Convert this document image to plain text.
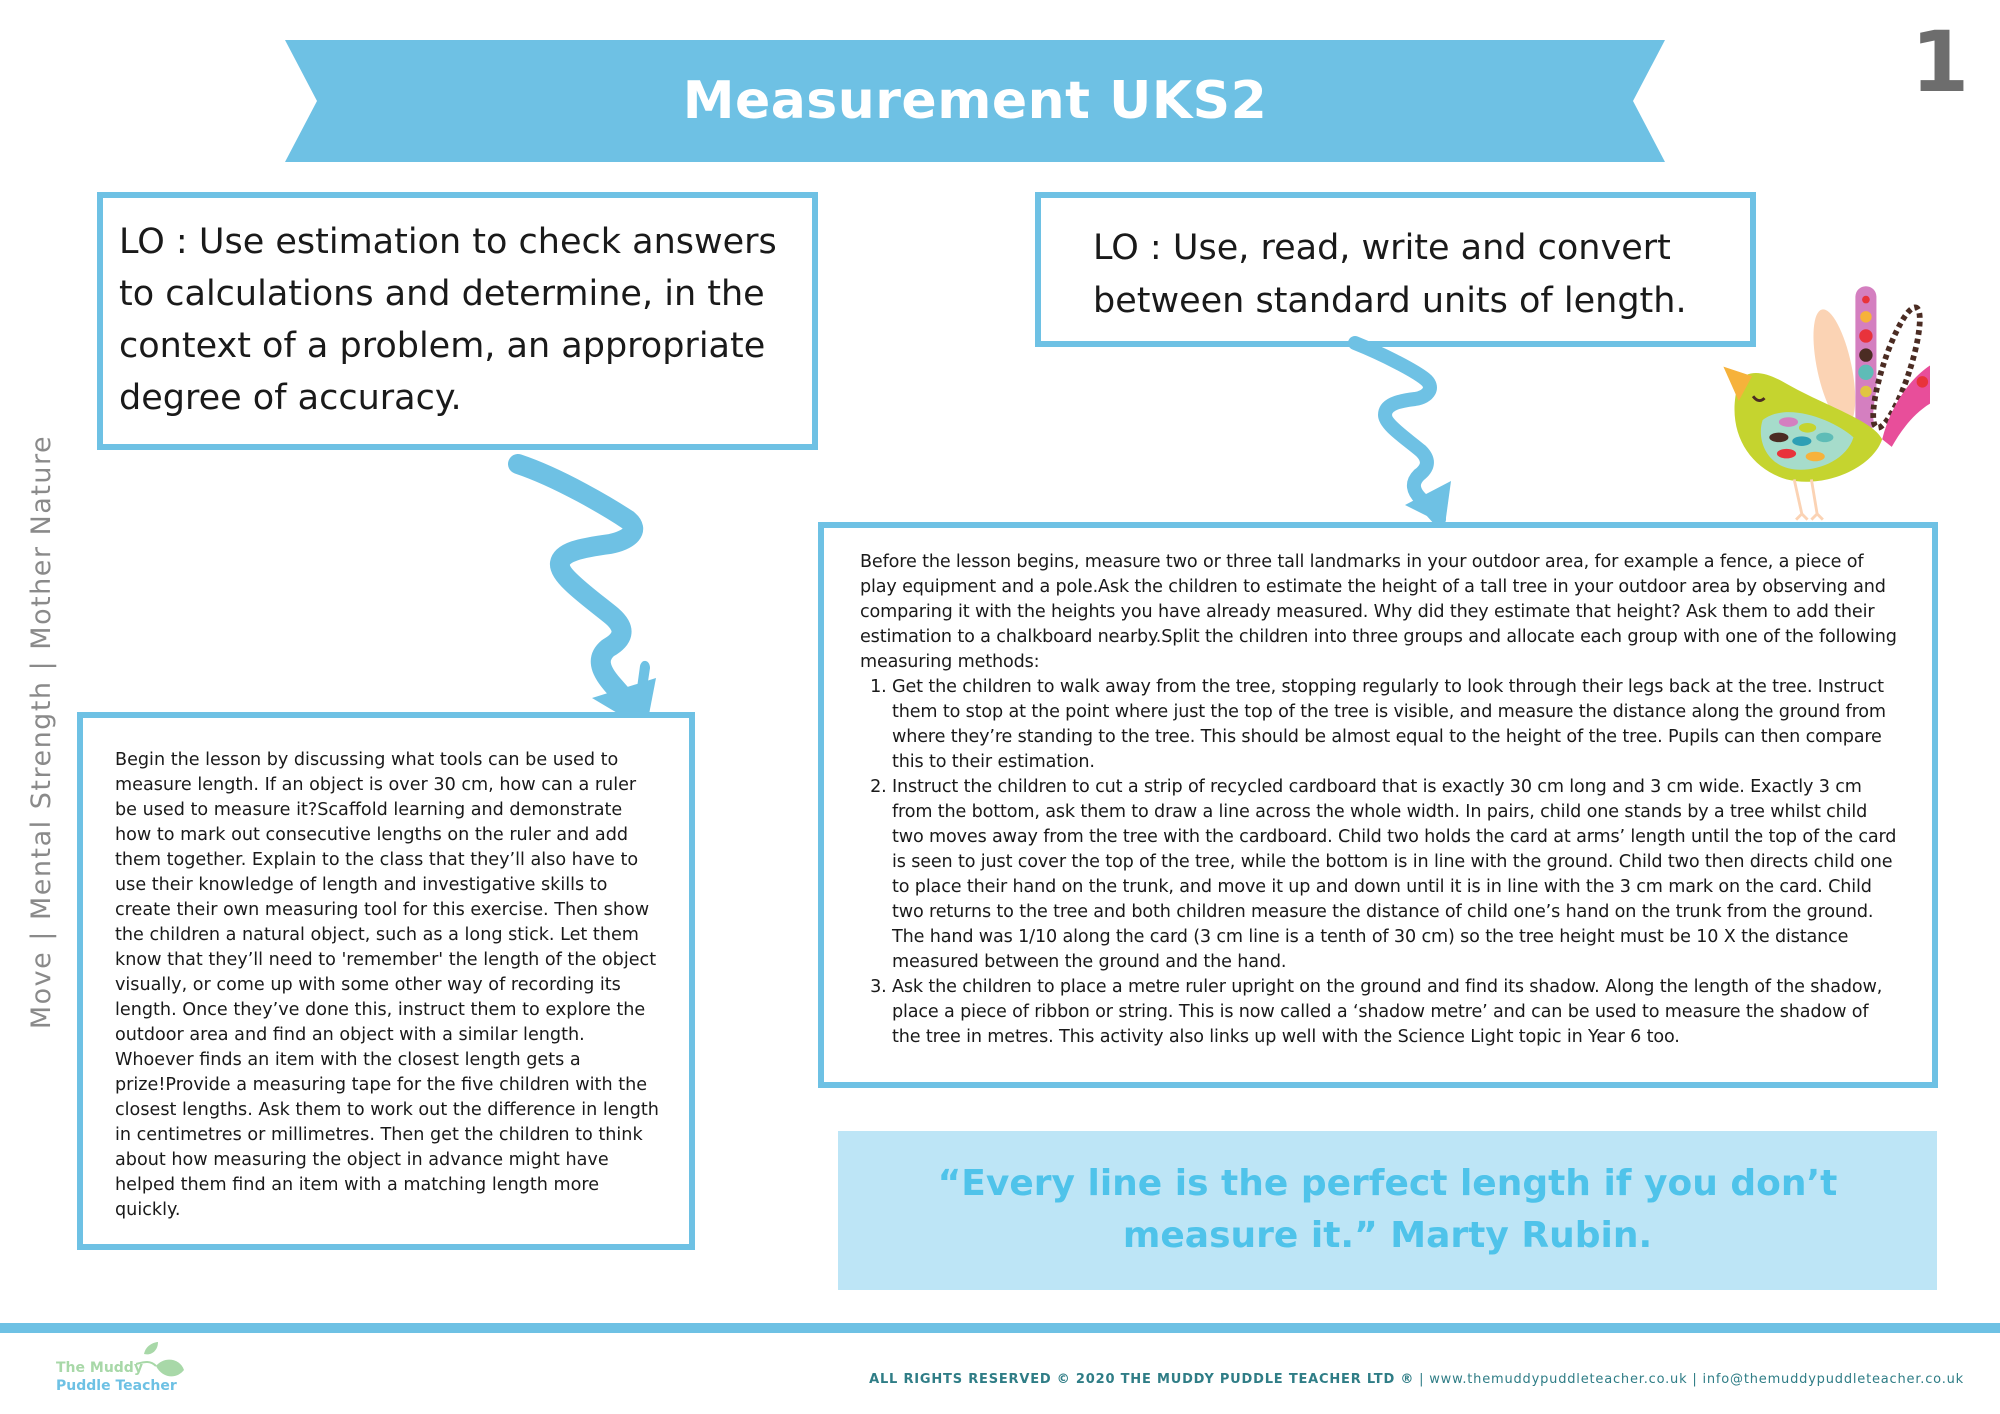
Measurement UKS2	1
Move | Mental Strength | Mother Nature

LO : Use estimation to check answers to calculations and determine, in the context of a problem, an appropriate degree of accuracy.

LO : Use, read, write and convert between standard units of length.

Begin the lesson by discussing what tools can be used to measure length. If an object is over 30 cm, how can a ruler be used to measure it?Scaffold learning and demonstrate how to mark out consecutive lengths on the ruler and add them together. Explain to the class that they’ll also have to use their knowledge of length and investigative skills to create their own measuring tool for this exercise. Then show the children a natural object, such as a long stick. Let them know that they’ll need to 'remember' the length of the object visually, or come up with some other way of recording its length. Once they’ve done this, instruct them to explore the outdoor area and find an object with a similar length. Whoever finds an item with the closest length gets a prize!Provide a measuring tape for the five children with the closest lengths. Ask them to work out the difference in length in centimetres or millimetres. Then get the children to think about how measuring the object in advance might have helped them find an item with a matching length more quickly.

Before the lesson begins, measure two or three tall landmarks in your outdoor area, for example a fence, a piece of play equipment and a pole.Ask the children to estimate the height of a tall tree in your outdoor area by observing and comparing it with the heights you have already measured. Why did they estimate that height? Ask them to add their estimation to a chalkboard nearby.Split the children into three groups and allocate each group with one of the following measuring methods:

1. Get the children to walk away from the tree, stopping regularly to look through their legs back at the tree. Instruct them to stop at the point where just the top of the tree is visible, and measure the distance along the ground from where they’re standing to the tree. This should be almost equal to the height of the tree. Pupils can then compare this to their estimation.
2. Instruct the children to cut a strip of recycled cardboard that is exactly 30 cm long and 3 cm wide. Exactly 3 cm from the bottom, ask them to draw a line across the whole width. In pairs, child one stands by a tree whilst child two moves away from the tree with the cardboard. Child two holds the card at arms’ length until the top of the card is seen to just cover the top of the tree, while the bottom is in line with the ground. Child two then directs child one to place their hand on the trunk, and move it up and down until it is in line with the 3 cm mark on the card. Child two returns to the tree and both children measure the distance of child one’s hand on the trunk from the ground. The hand was 1/10 along the card (3 cm line is a tenth of 30 cm) so the tree height must be 10 X the distance measured between the ground and the hand.
3. Ask the children to place a metre ruler upright on the ground and find its shadow. Along the length of the shadow, place a piece of ribbon or string. This is now called a ‘shadow metre’ and can be used to measure the shadow of the tree in metres. This activity also links up well with the Science Light topic in Year 6 too.
“Every line is the perfect length if you don’t measure it.” Marty Rubin.
The Muddy
Puddle Teacher	ALL RIGHTS RESERVED © 2020 THE MUDDY PUDDLE TEACHER LTD ® | www.themuddypuddleteacher.co.uk | info@themuddypuddleteacher.co.uk
